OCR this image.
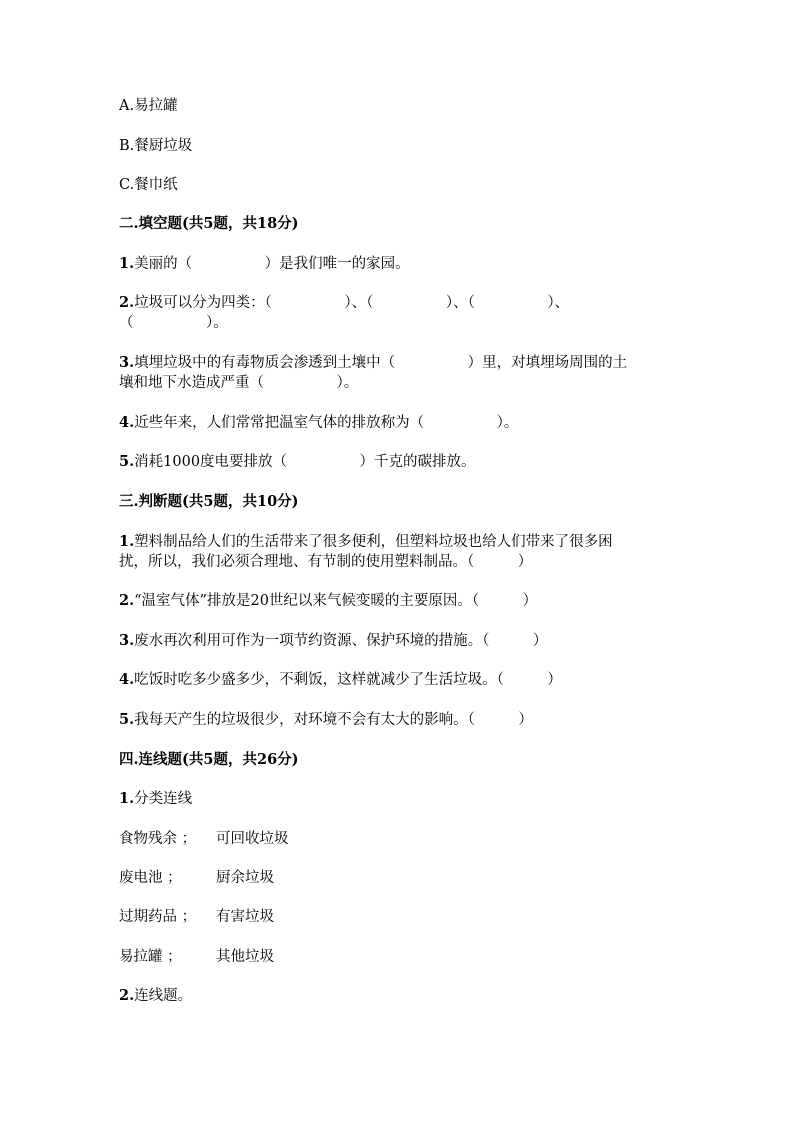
A.易拉罐
B.餐厨垃圾
C.餐巾纸
二.填空题(共5题，共18分)
1.美丽的（　　　　　）是我们唯一的家园。
2.垃圾可以分为四类：（　　　　　）、（　　　　　）、（　　　　　）、
（　　　　　）。
3.填埋垃圾中的有毒物质会渗透到土壤中（　　　　　）里，对填埋场周围的土
壤和地下水造成严重（　　　　　）。
4.近些年来，人们常常把温室气体的排放称为（　　　　　）。
5.消耗1000度电要排放（　　　　　）千克的碳排放。
三.判断题(共5题，共10分)
1.塑料制品给人们的生活带来了很多便利，但塑料垃圾也给人们带来了很多困
扰，所以，我们必须合理地、有节制的使用塑料制品。（　　　）
2.“温室气体”排放是20世纪以来气候变暖的主要原因。（　　　）
3.废水再次利用可作为一项节约资源、保护环境的措施。（　　　）
4.吃饭时吃多少盛多少，不剩饭，这样就减少了生活垃圾。（　　　）
5.我每天产生的垃圾很少，对环境不会有太大的影响。（　　　）
四.连线题(共5题，共26分)
1.分类连线
食物残余 ； 可回收垃圾
废电池 ； 厨余垃圾
过期药品 ； 有害垃圾
易拉罐 ； 其他垃圾
2.连线题。
